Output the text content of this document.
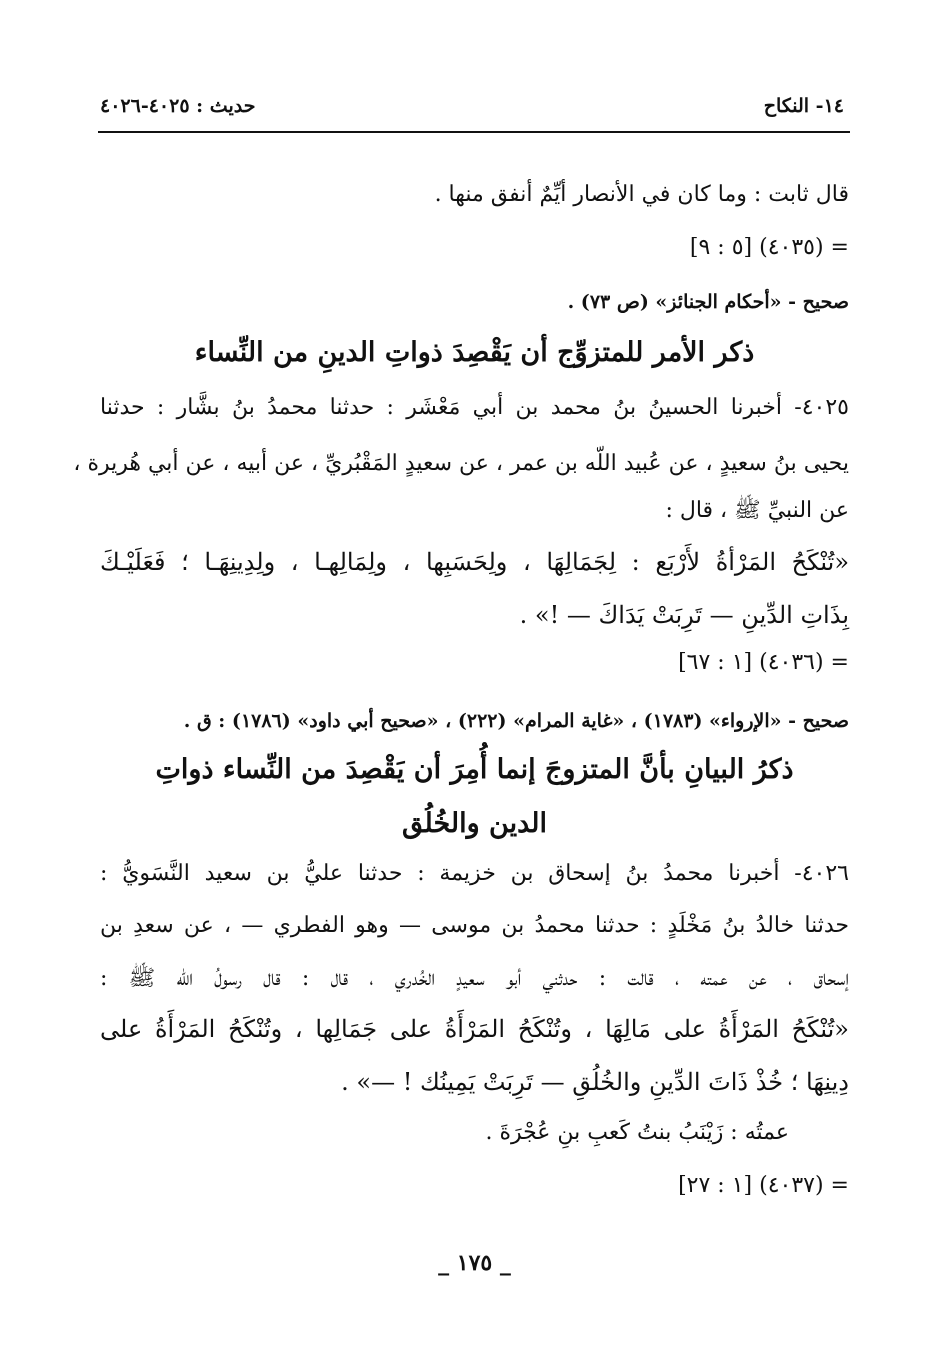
١٤- النكاح
حديث : ٤٠٢٥-٤٠٢٦
قال ثابت : وما كان في الأنصار أيِّمٌ أنفق منها .
= (٤٠٣٥) [٥ : ٩]
صحيح - «أحكام الجنائز» (ص ٧٣) .
ذكر الأمر للمتزوِّج أن يَقْصِدَ ذواتِ الدينِ من النِّساء
٤٠٢٥- أخبرنا الحسينُ بنُ محمد بن أبي مَعْشَر : حدثنا محمدُ بنُ بشَّار : حدثنا
يحيى بنُ سعيدٍ ، عن عُبيد اللّه بن عمر ، عن سعيدٍ المَقْبُريِّ ، عن أبيه ، عن أبي هُريرة ،
عن النبيِّ ﷺ ، قال :
«تُنْكَحُ المَرْأةُ لأَرْبَع : لِجَمَالِهَا ، ولِحَسَبِها ، ولِمَالِهـا ، ولِدِينِهَـا ؛ فَعَلَيْـكَ
بِذَاتِ الدِّينِ — تَرِبَتْ يَدَاكَ — !» .
= (٤٠٣٦) [١ : ٦٧]
صحيح - «الإرواء» (١٧٨٣) ، «غاية المرام» (٢٢٢) ، «صحيح أبي داود» (١٧٨٦) : ق .
ذكرُ البيانِ بأنَّ المتزوجَ إنما أُمِرَ أن يَقْصِدَ من النِّساء ذواتِ
الدين والخُلُق
٤٠٢٦- أخبرنا محمدُ بنُ إسحاق بن خزيمة : حدثنا عليُّ بن سعيد النَّسَويُّ :
حدثنا خالدُ بنُ مَخْلَدٍ : حدثنا محمدُ بن موسى — وهو الفطري — ، عن سعدِ بن
إسحاق ، عن عمته ، قالت : حدثني أبو سعيدٍ الخُدري ، قال : قال رسولُ اللّه ﷺ :
«تُنْكَحُ المَرْأَةُ على مَالِهَا ، وتُنْكَحُ المَرْأَةُ على جَمَالِها ، وتُنْكَحُ المَرْأَةُ على
دِينِهَا ؛ خُذْ ذَاتَ الدِّينِ والخُلُقِ — تَرِبَتْ يَمِينُك ! —» .
عمتُه : زَيْنَبُ بنتُ كَعبِ بنِ عُجْرَةَ .
= (٤٠٣٧) [١ : ٢٧]
_ ١٧٥ _
